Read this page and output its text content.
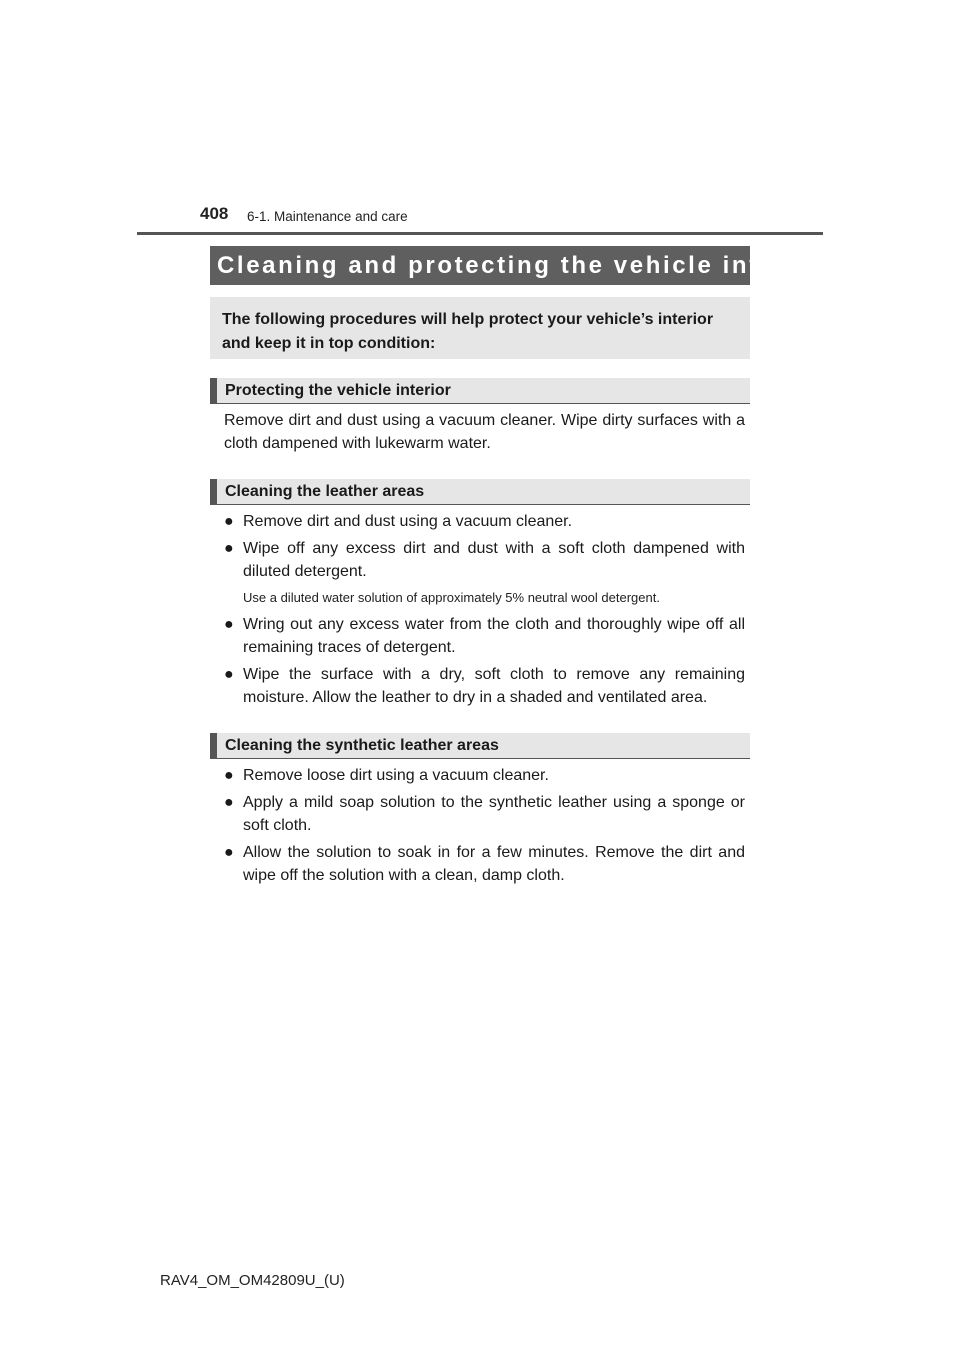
408 6-1. Maintenance and care
Cleaning and protecting the vehicle interior
The following procedures will help protect your vehicle’s interior and keep it in top condition:
Protecting the vehicle interior
Remove dirt and dust using a vacuum cleaner. Wipe dirty surfaces with a cloth dampened with lukewarm water.
Cleaning the leather areas
● Remove dirt and dust using a vacuum cleaner.
● Wipe off any excess dirt and dust with a soft cloth dampened with diluted detergent.
Use a diluted water solution of approximately 5% neutral wool detergent.
● Wring out any excess water from the cloth and thoroughly wipe off all remaining traces of detergent.
● Wipe the surface with a dry, soft cloth to remove any remaining moisture. Allow the leather to dry in a shaded and ventilated area.
Cleaning the synthetic leather areas
● Remove loose dirt using a vacuum cleaner.
● Apply a mild soap solution to the synthetic leather using a sponge or soft cloth.
● Allow the solution to soak in for a few minutes. Remove the dirt and wipe off the solution with a clean, damp cloth.
RAV4_OM_OM42809U_(U)
